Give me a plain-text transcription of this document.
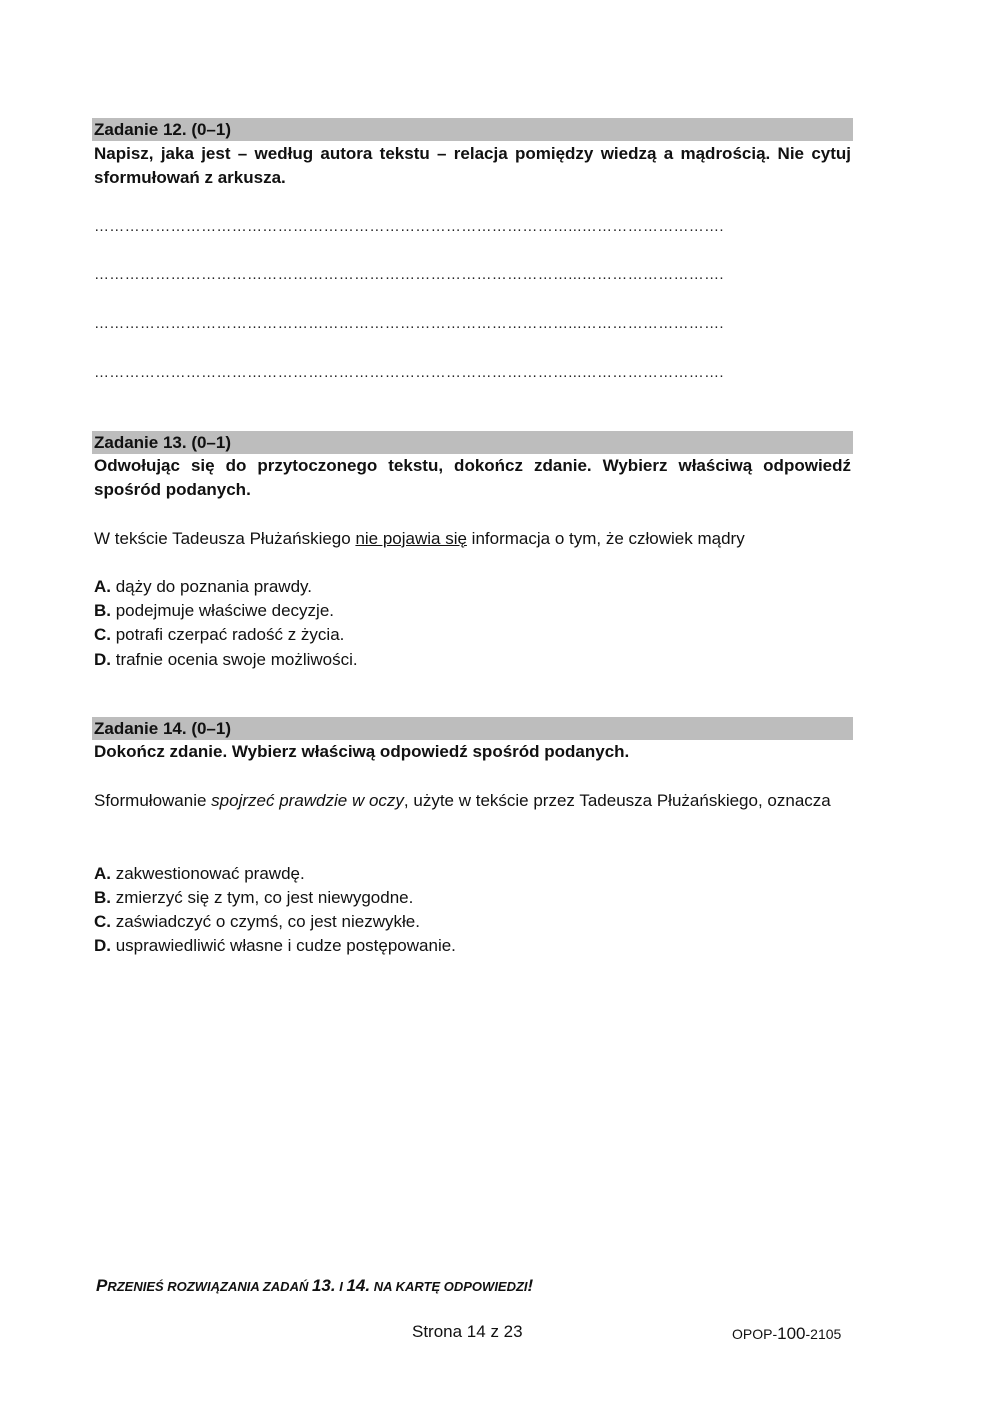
Zadanie 12. (0–1)
Napisz, jaka jest – według autora tekstu – relacja pomiędzy wiedzą a mądrością. Nie cytuj sformułowań z arkusza.
…………………………………………………………………………………...……………………….
…………………………………………………………………………………...……………………….
…………………………………………………………………………………...……………………….
…………………………………………………………………………………...……………………….
Zadanie 13. (0–1)
Odwołując się do przytoczonego tekstu, dokończ zdanie. Wybierz właściwą odpowiedź spośród podanych.
W tekście Tadeusza Płużańskiego nie pojawia się informacja o tym, że człowiek mądry
A. dąży do poznania prawdy.
B. podejmuje właściwe decyzje.
C. potrafi czerpać radość z życia.
D. trafnie ocenia swoje możliwości.
Zadanie 14. (0–1)
Dokończ zdanie. Wybierz właściwą odpowiedź spośród podanych.
Sformułowanie spojrzeć prawdzie w oczy, użyte w tekście przez Tadeusza Płużańskiego, oznacza
A. zakwestionować prawdę.
B. zmierzyć się z tym, co jest niewygodne.
C. zaświadczyć o czymś, co jest niezwykłe.
D. usprawiedliwić własne i cudze postępowanie.
PRZENIEŚ ROZWIĄZANIA ZADAŃ 13. I 14. NA KARTĘ ODPOWIEDZI!
Strona 14 z 23	OPOP-100-2105
